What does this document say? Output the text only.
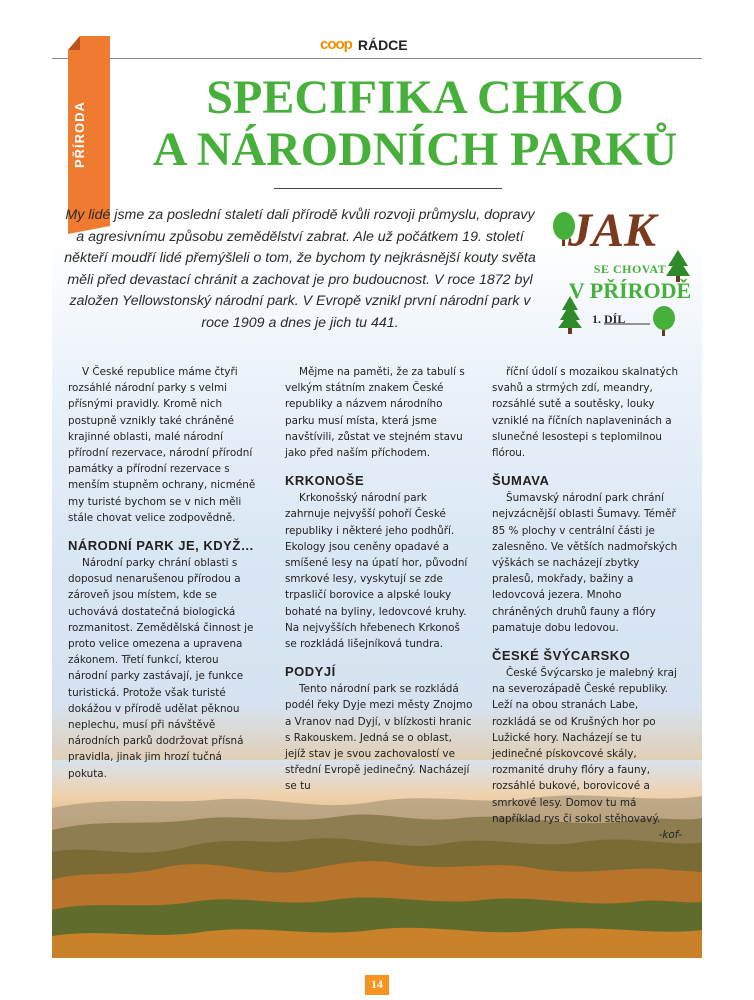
coop RÁDCE
PŘÍRODA
SPECIFIKA CHKO
A NÁRODNÍCH PARKŮ
My lidé jsme za poslední staletí dali přírodě kvůli rozvoji průmyslu, dopravy a agresivnímu způsobu zemědělství zabrat. Ale už počátkem 19. století někteří moudří lidé přemýšleli o tom, že bychom ty nejkrásnější kouty světa měli před devastací chránit a zachovat je pro budoucnost. V roce 1872 byl založen Yellowstonský národní park. V Evropě vznikl první národní park v roce 1909 a dnes je jich tu 441.
JAK
SE CHOVAT
V PŘÍRODĚ
1. DÍL

V České republice máme čtyři rozsáhlé národní parky s velmi přísnými pravidly. Kromě nich postupně vznikly také chráněné krajinné oblasti, malé národní přírodní rezervace, národní přírodní památky a přírodní rezervace s menším stupněm ochrany, nicméně my turisté bychom se v nich měli stále chovat velice zodpovědně.

NÁRODNÍ PARK JE, KDYŽ…

Národní parky chrání oblasti s doposud nenarušenou přírodou a zároveň jsou místem, kde se uchovává dostatečná biologická rozmanitost. Zemědělská činnost je proto velice omezena a upravena zákonem. Třetí funkcí, kterou národní parky zastávají, je funkce turistická. Protože však turisté dokážou v přírodě udělat pěknou neplechu, musí při návštěvě národních parků dodržovat přísná pravidla, jinak jim hrozí tučná pokuta.

Mějme na paměti, že za tabulí s velkým státním znakem České republiky a názvem národního parku musí místa, která jsme navštívili, zůstat ve stejném stavu jako před naším příchodem.

KRKONOŠE

Krkonošský národní park zahrnuje nejvyšší pohoří České republiky i některé jeho podhůří. Ekology jsou ceněny opadavé a smíšené lesy na úpatí hor, původní smrkové lesy, vyskytují se zde trpasličí borovice a alpské louky bohaté na byliny, ledovcové kruhy. Na nejvyšších hřebenech Krkonoš se rozkládá lišejníková tundra.

PODYJÍ

Tento národní park se rozkládá podél řeky Dyje mezi městy Znojmo a Vranov nad Dyjí, v blízkosti hranic s Rakouskem. Jedná se o oblast, jejíž stav je svou zachovalostí ve střední Evropě jedinečný. Nacházejí se tu

říční údolí s mozaikou skalnatých svahů a strmých zdí, meandry, rozsáhlé sutě a soutěsky, louky vzniklé na říčních naplaveninách a slunečné lesostepi s teplomilnou flórou.

ŠUMAVA

Šumavský národní park chrání nejvzácnější oblasti Šumavy. Téměř 85 % plochy v centrální části je zalesněno. Ve větších nadmořských výškách se nacházejí zbytky pralesů, mokřady, bažiny a ledovcová jezera. Mnoho chráněných druhů fauny a flóry pamatuje dobu ledovou.

ČESKÉ ŠVÝCARSKO

České Švýcarsko je malebný kraj na severozápadě České republiky. Leží na obou stranách Labe, rozkládá se od Krušných hor po Lužické hory. Nacházejí se tu jedinečné pískovcové skály, rozmanité druhy flóry a fauny, rozsáhlé bukové, borovicové a smrkové lesy. Domov tu má například rys či sokol stěhovavý.
-kof-

14
